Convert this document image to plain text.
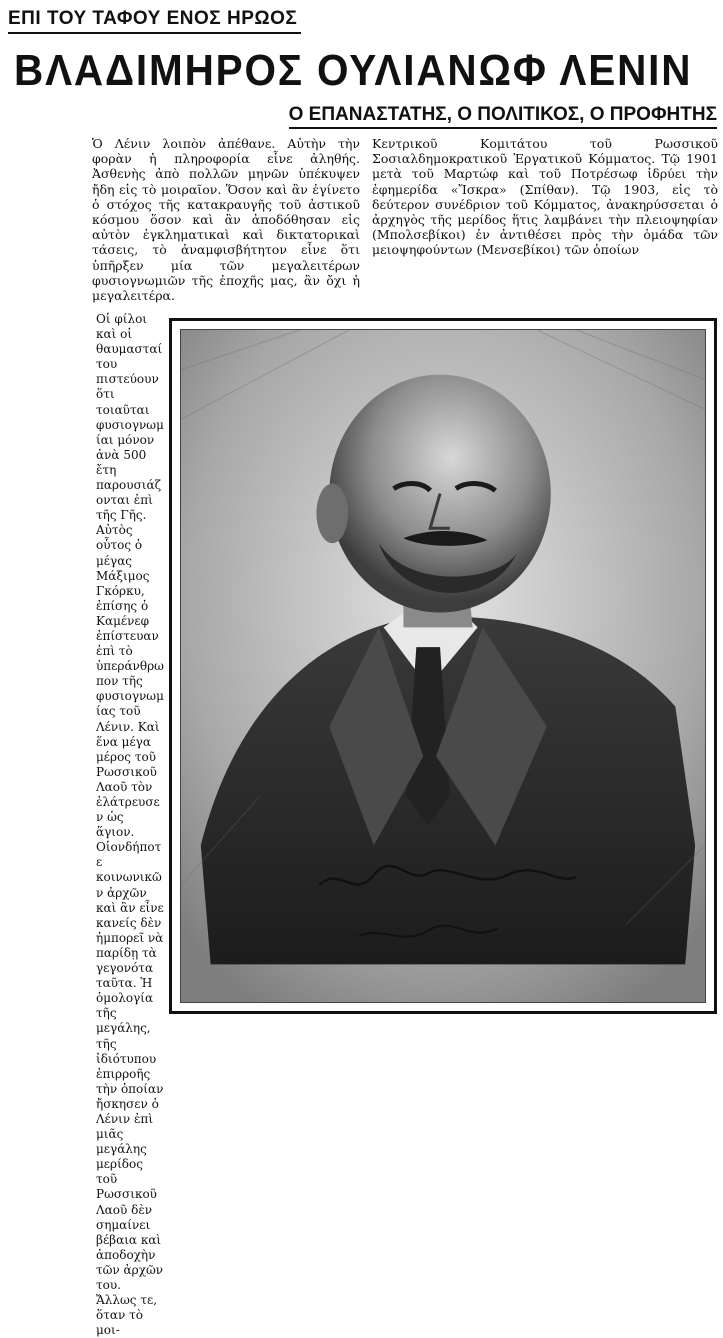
ΕΠΙ ΤΟΥ ΤΑΦΟΥ ΕΝΟΣ ΗΡΩΟΣ
ΒΛΑΔΙΜΗΡΟΣ ΟΥΛΙΑΝΩΦ ΛΕΝΙΝ
Ο ΕΠΑΝΑΣΤΑΤΗΣ, Ο ΠΟΛΙΤΙΚΟΣ, Ο ΠΡΟΦΗΤΗΣ
Ὁ Λένιν λοιπὸν ἀπέθανε. Αὐτὴν τὴν φορὰν ἡ πληροφορία εἶνε ἀληθής. Ἀσθενὴς ἀπὸ πολλῶν μηνῶν ὑπέκυψεν ἤδη εἰς τὸ μοιραῖον. Ὅσον καὶ ἂν ἐγίνετο ὁ στόχος τῆς κατακραυγῆς τοῦ ἀστικοῦ κόσμου ὅσον καὶ ἂν ἀποδόθησαν εἰς αὐτὸν ἐγκληματικαὶ καὶ δικτατορικαὶ τάσεις, τὸ ἀναμφισβήτητον εἶνε ὅτι ὑπῆρξεν μία τῶν μεγαλειτέρων φυσιογνωμιῶν τῆς ἐποχῆς μας, ἂν ὄχι ἡ μεγαλειτέρα.
Οἱ φίλοι καὶ οἱ θαυμασταί του πιστεύουν ὅτι τοιαῦται φυσιογνωμίαι μόνον ἀνὰ 500 ἔτη παρουσιάζονται ἐπὶ τῆς Γῆς. Αὐτὸς οὗτος ὁ μέγας Μάξιμος Γκόρκυ, ἐπίσης ὁ Καμένεφ ἐπίστευαν ἐπὶ τὸ ὑπεράνθρωπον τῆς φυσιογνωμίας τοῦ Λένιν. Καὶ ἕνα μέγα μέρος τοῦ Ρωσσικοῦ Λαοῦ τὸν ἐλάτρευσεν ὡς ἅγιον. Οἱονδήποτε κοινωνικῶν ἀρχῶν καὶ ἂν εἶνε κανείς δὲν ἠμπορεῖ νὰ παρίδῃ τὰ γεγονότα ταῦτα. Ἡ ὁμολογία τῆς μεγάλης, τῆς ἰδιότυπου ἐπιρροῆς τὴν ὁποίαν ἤσκησεν ὁ Λένιν ἐπὶ μιᾶς μεγάλης μερίδος τοῦ Ρωσσικοῦ Λαοῦ δὲν σημαίνει βέβαια καὶ ἀποδοχὴν τῶν ἀρχῶν του. Ἄλλως τε, ὅταν τὸ μοι-
Κεντρικοῦ Κομιτάτου τοῦ Ρωσσικοῦ Σοσιαλδημοκρατικοῦ Ἐργατικοῦ Κόμματος. Τῷ 1901 μετὰ τοῦ Μαρτώφ καὶ τοῦ Ποτρέσωφ ἱδρύει τὴν ἐφημερίδα «Ἴσκρα» (Σπίθαν). Τῷ 1903, εἰς τὸ δεύτερον συνέδριον τοῦ Κόμματος, ἀνακηρύσσεται ὁ ἀρχηγὸς τῆς μερίδος ἥτις λαμβάνει τὴν πλειοψηφίαν (Μπολσεβίκοι) ἐν ἀντιθέσει πρὸς τὴν ὁμάδα τῶν μειοψηφούντων (Μενσεβίκοι) τῶν ὁποίων
